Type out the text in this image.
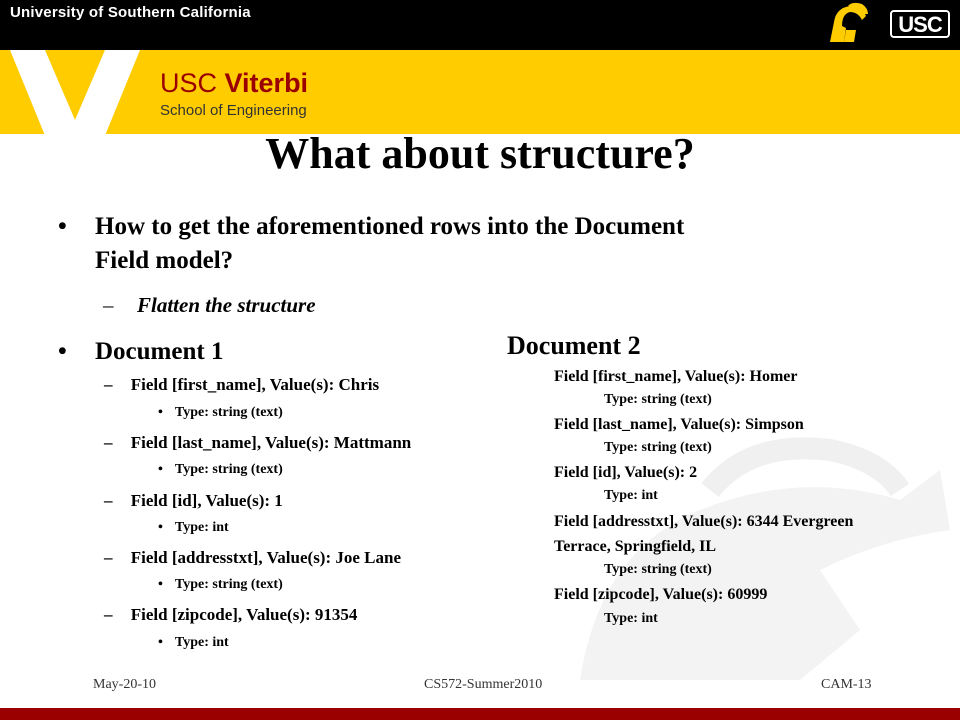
University of Southern California	USC
USC Viterbi
School of Engineering
What about structure?
• How to get the aforementioned rows into the Document
Field model?
– Flatten the structure
• Document 1
– Field [first_name], Value(s): Chris
• Type: string (text)
– Field [last_name], Value(s): Mattmann
• Type: string (text)
– Field [id], Value(s): 1
• Type: int
– Field [addresstxt], Value(s): Joe Lane
• Type: string (text)
– Field [zipcode], Value(s): 91354
• Type: int
Document 2
Field [first_name], Value(s): Homer
Type: string (text)
Field [last_name], Value(s): Simpson
Type: string (text)
Field [id], Value(s): 2
Type: int
Field [addresstxt], Value(s): 6344 Evergreen
Terrace, Springfield, IL
Type: string (text)
Field [zipcode], Value(s): 60999
Type: int
May-20-10	CS572-Summer2010	CAM-13
